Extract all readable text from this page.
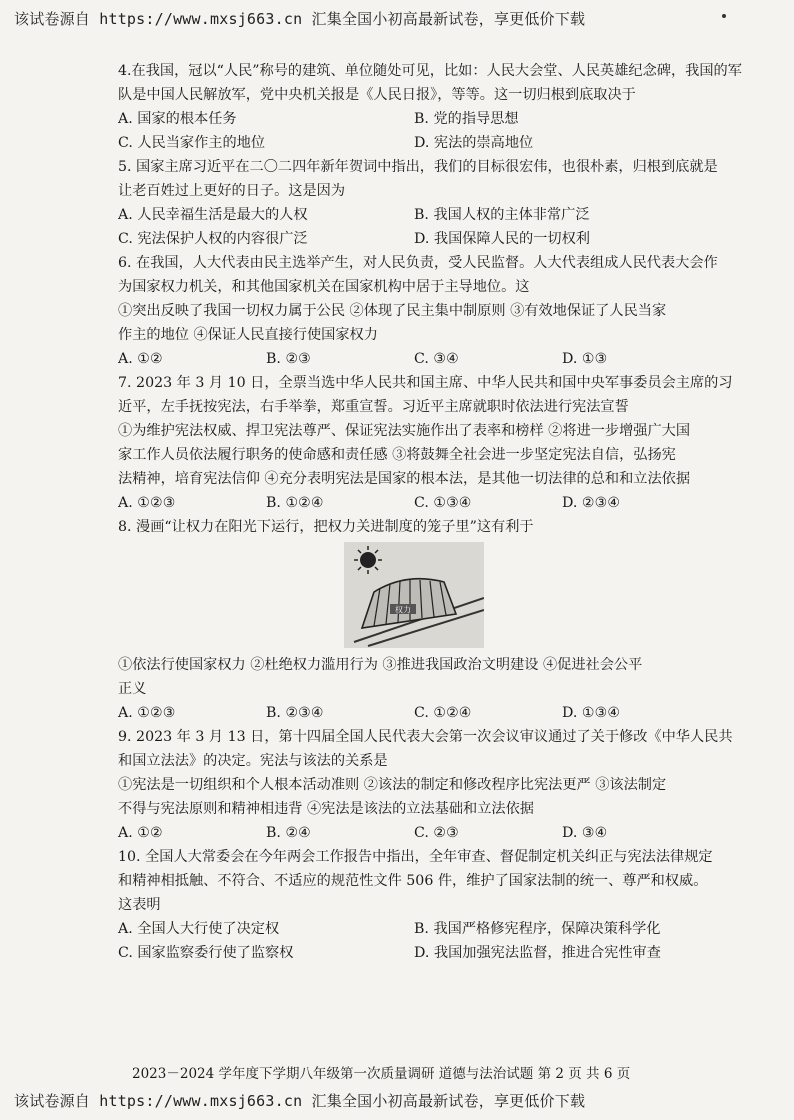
该试卷源自 https://www.mxsj663.cn 汇集全国小初高最新试卷，享更低价下载
4.在我国，冠以“人民”称号的建筑、单位随处可见，比如：人民大会堂、人民英雄纪念碑，我国的军
队是中国人民解放军，党中央机关报是《人民日报》，等等。这一切归根到底取决于
A. 国家的根本任务	B. 党的指导思想
C. 人民当家作主的地位	D. 宪法的崇高地位
5. 国家主席习近平在二〇二四年新年贺词中指出，我们的目标很宏伟，也很朴素，归根到底就是
让老百姓过上更好的日子。这是因为
A. 人民幸福生活是最大的人权	B. 我国人权的主体非常广泛
C. 宪法保护人权的内容很广泛	D. 我国保障人民的一切权利
6. 在我国，人大代表由民主选举产生，对人民负责，受人民监督。人大代表组成人民代表大会作
为国家权力机关，和其他国家机关在国家机构中居于主导地位。这
①突出反映了我国一切权力属于公民 ②体现了民主集中制原则 ③有效地保证了人民当家
作主的地位 ④保证人民直接行使国家权力
A. ①②	B. ②③	C. ③④	D. ①③
7. 2023 年 3 月 10 日，全票当选中华人民共和国主席、中华人民共和国中央军事委员会主席的习
近平，左手抚按宪法，右手举拳，郑重宣誓。习近平主席就职时依法进行宪法宣誓
①为维护宪法权威、捍卫宪法尊严、保证宪法实施作出了表率和榜样 ②将进一步增强广大国
家工作人员依法履行职务的使命感和责任感 ③将鼓舞全社会进一步坚定宪法自信，弘扬宪
法精神，培育宪法信仰 ④充分表明宪法是国家的根本法，是其他一切法律的总和和立法依据
A. ①②③	B. ①②④	C. ①③④	D. ②③④
8. 漫画“让权力在阳光下运行，把权力关进制度的笼子里”这有利于
权力
①依法行使国家权力 ②杜绝权力滥用行为 ③推进我国政治文明建设 ④促进社会公平
正义
A. ①②③	B. ②③④	C. ①②④	D. ①③④
9. 2023 年 3 月 13 日，第十四届全国人民代表大会第一次会议审议通过了关于修改《中华人民共
和国立法法》的决定。宪法与该法的关系是
①宪法是一切组织和个人根本活动准则 ②该法的制定和修改程序比宪法更严 ③该法制定
不得与宪法原则和精神相违背 ④宪法是该法的立法基础和立法依据
A. ①②	B. ②④	C. ②③	D. ③④
10. 全国人大常委会在今年两会工作报告中指出，全年审查、督促制定机关纠正与宪法法律规定
和精神相抵触、不符合、不适应的规范性文件 506 件，维护了国家法制的统一、尊严和权威。
这表明
A. 全国人大行使了决定权	B. 我国严格修宪程序，保障决策科学化
C. 国家监察委行使了监察权	D. 我国加强宪法监督，推进合宪性审查
2023－2024 学年度下学期八年级第一次质量调研 道德与法治试题 第 2 页 共 6 页
该试卷源自 https://www.mxsj663.cn 汇集全国小初高最新试卷，享更低价下载
